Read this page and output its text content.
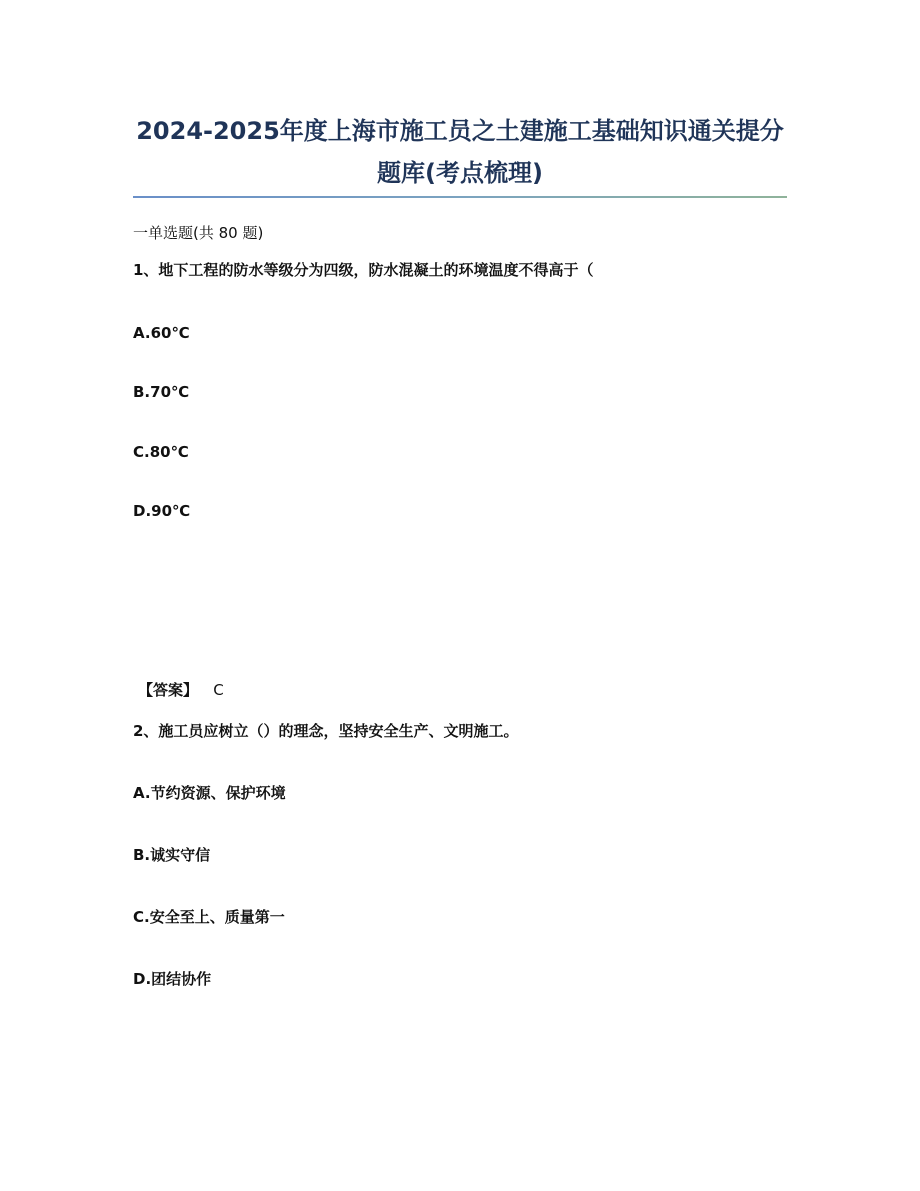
2024-2025年度上海市施工员之土建施工基础知识通关提分
题库(考点梳理)
一单选题(共 80 题)
1、地下工程的防水等级分为四级，防水混凝土的环境温度不得高于（
A.60℃
B.70℃
C.80℃
D.90℃
【答案】 C
2、施工员应树立（）的理念，坚持安全生产、文明施工。
A.节约资源、保护环境
B.诚实守信
C.安全至上、质量第一
D.团结协作
